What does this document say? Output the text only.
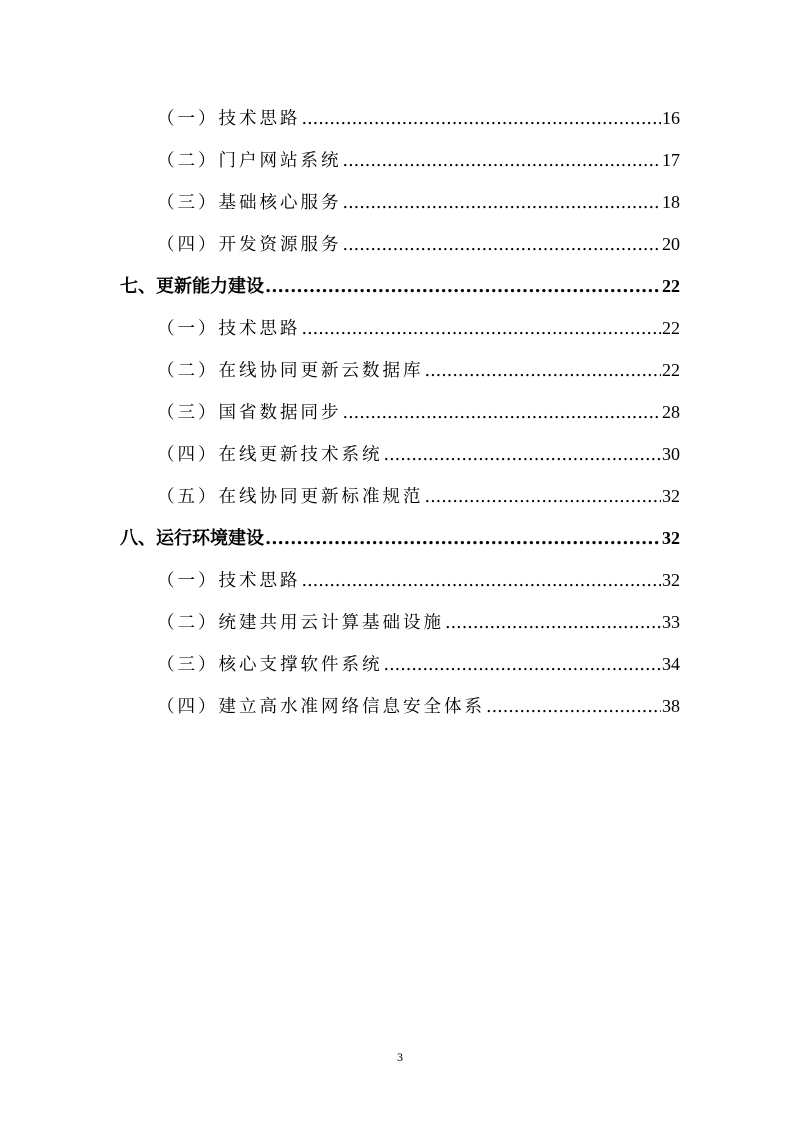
（一）技术思路 .....	16
（二）门户网站系统 .....	17
（三）基础核心服务 .....	18
（四）开发资源服务 .....	20
七、更新能力建设 .....	22
（一）技术思路 .....	22
（二）在线协同更新云数据库 .....	22
（三）国省数据同步 .....	28
（四）在线更新技术系统 .....	30
（五）在线协同更新标准规范 .....	32
八、运行环境建设 .....	32
（一）技术思路 .....	32
（二）统建共用云计算基础设施 .....	33
（三）核心支撑软件系统 .....	34
（四）建立高水准网络信息安全体系 .....	38
3
